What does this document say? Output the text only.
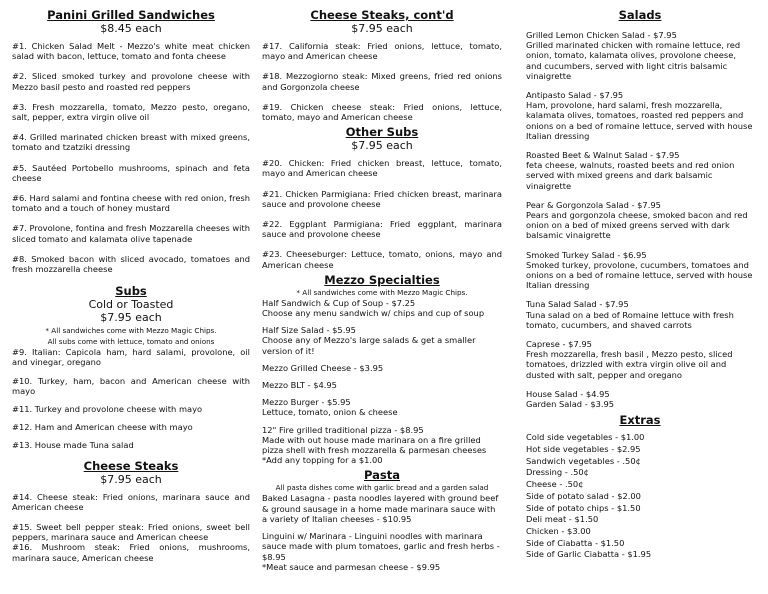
Panini Grilled Sandwiches
$8.45 each
#1. Chicken Salad Melt - Mezzo's white meat chicken salad with bacon, lettuce, tomato and fonta cheese
#2. Sliced smoked turkey and provolone cheese with Mezzo basil pesto and roasted red peppers
#3. Fresh mozzarella, tomato, Mezzo pesto, oregano, salt, pepper, extra virgin olive oil
#4. Grilled marinated chicken breast with mixed greens, tomato and tzatziki dressing
#5. Sautéed Portobello mushrooms, spinach and feta cheese
#6. Hard salami and fontina cheese with red onion, fresh tomato and a touch of honey mustard
#7. Provolone, fontina and fresh Mozzarella cheeses with sliced tomato and kalamata olive tapenade
#8. Smoked bacon with sliced avocado, tomatoes and fresh mozzarella cheese
Subs
Cold or Toasted
$7.95 each
* All sandwiches come with Mezzo Magic Chips.
All subs come with lettuce, tomato and onions
#9. Italian: Capicola ham, hard salami, provolone, oil and vinegar, oregano
#10. Turkey, ham, bacon and American cheese with mayo
#11. Turkey and provolone cheese with mayo
#12. Ham and American cheese with mayo
#13. House made Tuna salad
Cheese Steaks
$7.95 each
#14. Cheese steak: Fried onions, marinara sauce and American cheese
#15. Sweet bell pepper steak: Fried onions, sweet bell peppers, marinara sauce and American cheese
#16. Mushroom steak: Fried onions, mushrooms, marinara sauce, American cheese
Cheese Steaks, cont'd
$7.95 each
#17. California steak: Fried onions, lettuce, tomato, mayo and American cheese
#18. Mezzogiorno steak: Mixed greens, fried red onions and Gorgonzola cheese
#19. Chicken cheese steak: Fried onions, lettuce, tomato, mayo and American cheese
Other Subs
$7.95 each
#20. Chicken: Fried chicken breast, lettuce, tomato, mayo and American cheese
#21. Chicken Parmigiana: Fried chicken breast, marinara sauce and provolone cheese
#22. Eggplant Parmigiana: Fried eggplant, marinara sauce and provolone cheese
#23. Cheeseburger: Lettuce, tomato, onions, mayo and American cheese
Mezzo Specialties
* All sandwiches come with Mezzo Magic Chips.
Half Sandwich & Cup of Soup - $7.25
Choose any menu sandwich w/ chips and cup of soup
Half Size Salad - $5.95
Choose any of Mezzo's large salads & get a smaller version of it!
Mezzo Grilled Cheese - $3.95
Mezzo BLT - $4.95
Mezzo Burger - $5.95
Lettuce, tomato, onion & cheese
12" Fire grilled traditional pizza - $8.95
Made with out house made marinara on a fire grilled pizza shell with fresh mozzarella & parmesan cheeses
*Add any topping for a $1.00
Pasta
All pasta dishes come with garlic bread and a garden salad
Baked Lasagna - pasta noodles layered with ground beef & ground sausage in a home made marinara sauce with a variety of Italian cheeses - $10.95
Linguini w/ Marinara - Linguini noodles with marinara sauce made with plum tomatoes, garlic and fresh herbs - $8.95
*Meat sauce and parmesan cheese - $9.95
Salads
Grilled Lemon Chicken Salad - $7.95
Grilled marinated chicken with romaine lettuce, red onion, tomato, kalamata olives, provolone cheese, and cucumbers, served with light citris balsamic vinaigrette
Antipasto Salad - $7.95
Ham, provolone, hard salami, fresh mozzarella, kalamata olives, tomatoes, roasted red peppers and onions on a bed of romaine lettuce, served with house Italian dressing
Roasted Beet & Walnut Salad - $7.95
feta cheese, walnuts, roasted beets and red onion served with mixed greens and dark balsamic vinaigrette
Pear & Gorgonzola Salad - $7.95
Pears and gorgonzola cheese, smoked bacon and red onion on a bed of mixed greens served with dark balsamic vinaigrette
Smoked Turkey Salad - $6.95
Smoked turkey, provolone, cucumbers, tomatoes and onions on a bed of romaine lettuce, served with house Italian dressing
Tuna Salad Salad - $7.95
Tuna salad on a bed of Romaine lettuce with fresh tomato, cucumbers, and shaved carrots
Caprese - $7.95
Fresh mozzarella, fresh basil , Mezzo pesto, sliced tomatoes, drizzled with extra virgin olive oil and dusted with salt, pepper and oregano
House Salad - $4.95
Garden Salad - $3.95
Extras
Cold side vegetables - $1.00
Hot side vegetables - $2.95
Sandwich vegetables - .50¢
Dressing - .50¢
Cheese - .50¢
Side of potato salad - $2.00
Side of potato chips - $1.50
Deli meat - $1.50
Chicken - $3.00
Side of Ciabatta - $1.50
Side of Garlic Ciabatta - $1.95
